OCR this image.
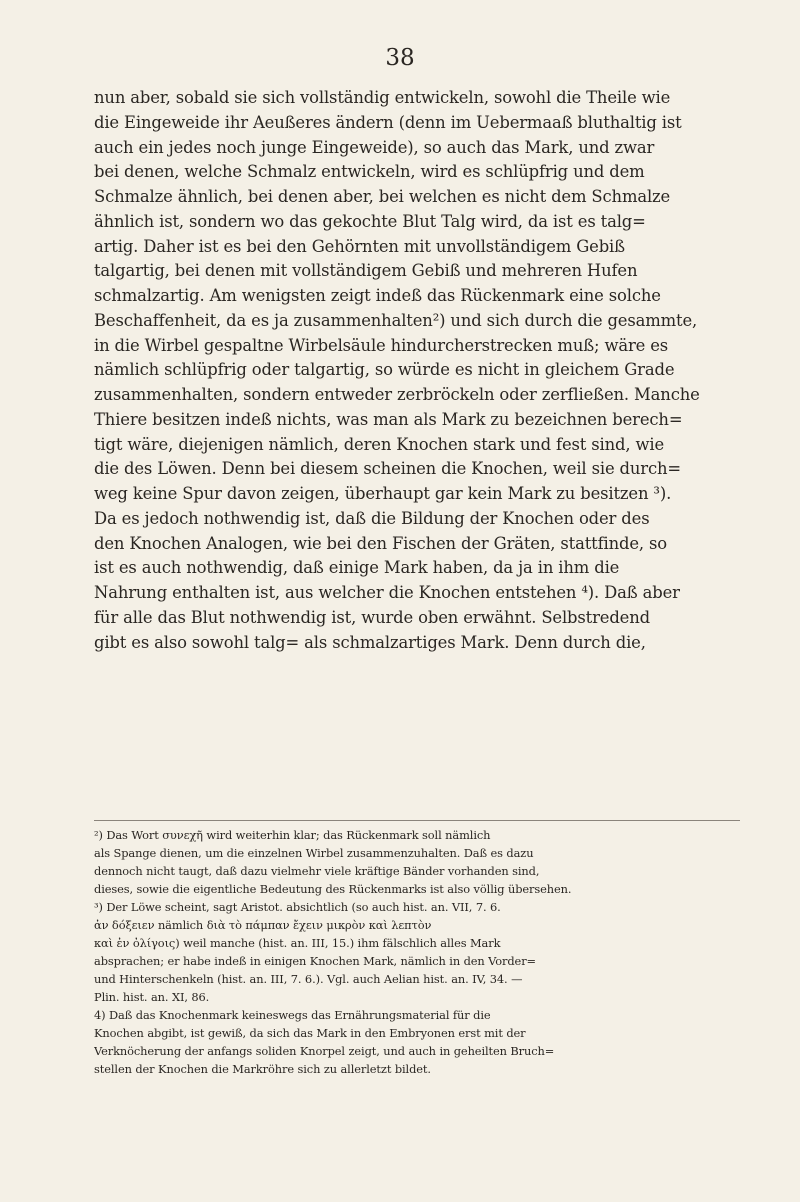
38
nun aber, sobald sie sich vollständig entwickeln, sowohl die Theile wie
die Eingeweide ihr Aeußeres ändern (denn im Uebermaaß bluthaltig ist
auch ein jedes noch junge Eingeweide), so auch das Mark, und zwar
bei denen, welche Schmalz entwickeln, wird es schlüpfrig und dem
Schmalze ähnlich, bei denen aber, bei welchen es nicht dem Schmalze
ähnlich ist, sondern wo das gekochte Blut Talg wird, da ist es talg=
artig. Daher ist es bei den Gehörnten mit unvollständigem Gebiß
talgartig, bei denen mit vollständigem Gebiß und mehreren Hufen
schmalzartig. Am wenigsten zeigt indeß das Rückenmark eine solche
Beschaffenheit, da es ja zusammenhalten²) und sich durch die gesammte,
in die Wirbel gespaltne Wirbelsäule hindurcherstrecken muß; wäre es
nämlich schlüpfrig oder talgartig, so würde es nicht in gleichem Grade
zusammenhalten, sondern entweder zerbröckeln oder zerfließen. Manche
Thiere besitzen indeß nichts, was man als Mark zu bezeichnen berech=
tigt wäre, diejenigen nämlich, deren Knochen stark und fest sind, wie
die des Löwen. Denn bei diesem scheinen die Knochen, weil sie durch=
weg keine Spur davon zeigen, überhaupt gar kein Mark zu besitzen ³).
Da es jedoch nothwendig ist, daß die Bildung der Knochen oder des
den Knochen Analogen, wie bei den Fischen der Gräten, stattfinde, so
ist es auch nothwendig, daß einige Mark haben, da ja in ihm die
Nahrung enthalten ist, aus welcher die Knochen entstehen ⁴). Daß aber
für alle das Blut nothwendig ist, wurde oben erwähnt. Selbstredend
gibt es also sowohl talg= als schmalzartiges Mark. Denn durch die,
²) Das Wort συνεχῆ wird weiterhin klar; das Rückenmark soll nämlich
als Spange dienen, um die einzelnen Wirbel zusammenzuhalten. Daß es dazu
dennoch nicht taugt, daß dazu vielmehr viele kräftige Bänder vorhanden sind,
dieses, sowie die eigentliche Bedeutung des Rückenmarks ist also völlig übersehen.
³) Der Löwe scheint, sagt Aristot. absichtlich (so auch hist. an. VII, 7. 6.
ἀν δόξειεν nämlich διὰ τὸ πάμπαν ἔχειν μικρὸν καὶ λεπτὸν
καὶ ἐν ὀλίγοις) weil manche (hist. an. III, 15.) ihm fälschlich alles Mark
absprachen; er habe indeß in einigen Knochen Mark, nämlich in den Vorder=
und Hinterschenkeln (hist. an. III, 7. 6.). Vgl. auch Aelian hist. an. IV, 34. —
Plin. hist. an. XI, 86.
4) Daß das Knochenmark keineswegs das Ernährungsmaterial für die
Knochen abgibt, ist gewiß, da sich das Mark in den Embryonen erst mit der
Verknöcherung der anfangs soliden Knorpel zeigt, und auch in geheilten Bruch=
stellen der Knochen die Markröhre sich zu allerletzt bildet.
